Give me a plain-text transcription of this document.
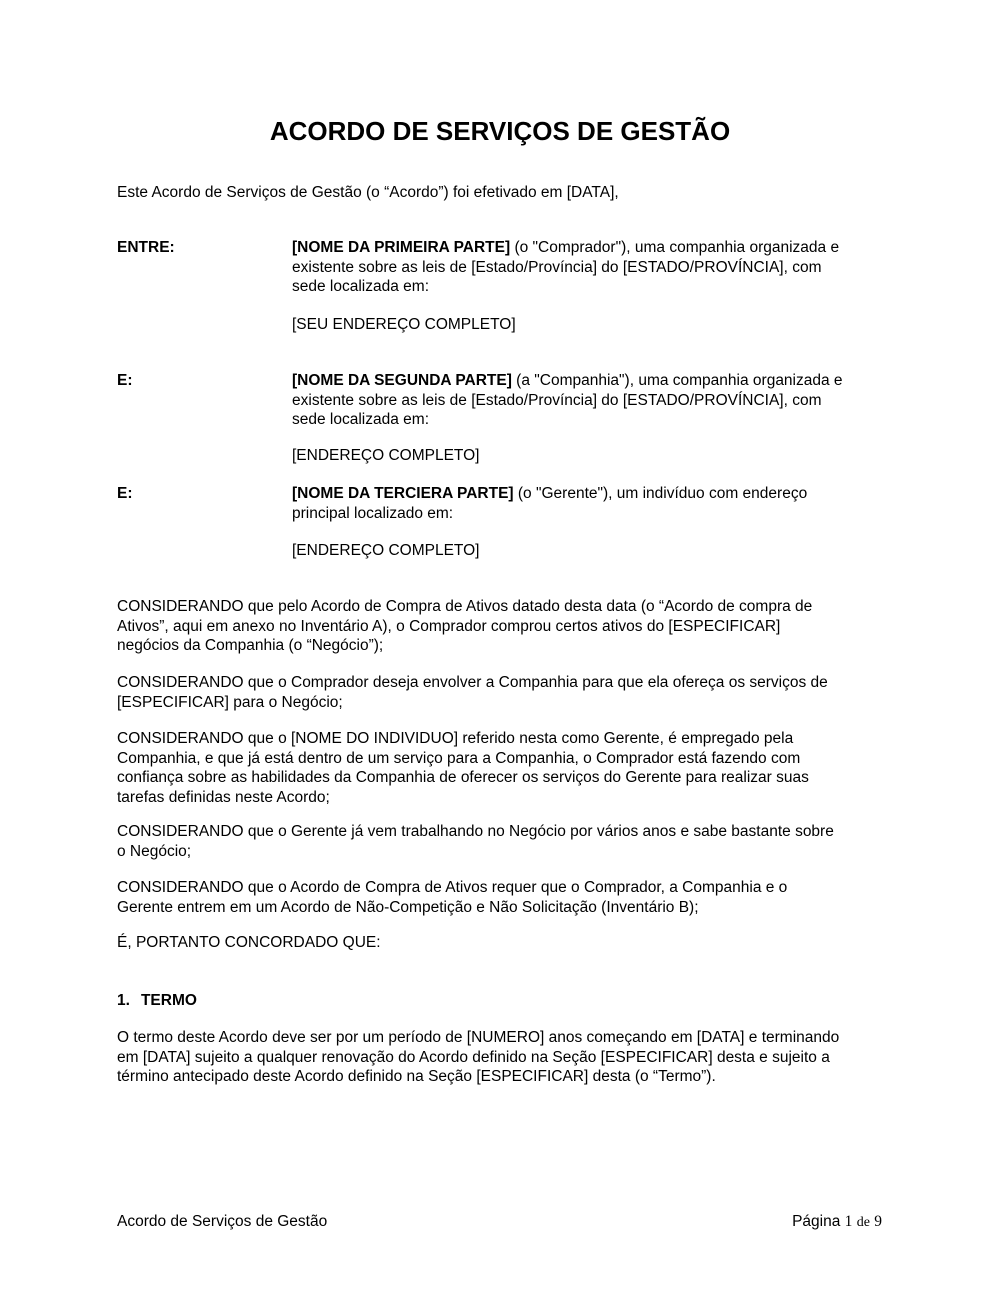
ACORDO DE SERVIÇOS DE GESTÃO
Este Acordo de Serviços de Gestão (o “Acordo”) foi efetivado em [DATA],
ENTRE:	[NOME DA PRIMEIRA PARTE] (o "Comprador"), uma companhia organizada e
existente sobre as leis de [Estado/Província] do [ESTADO/PROVÍNCIA], com
sede localizada em:
[SEU ENDEREÇO COMPLETO]
E:	[NOME DA SEGUNDA PARTE] (a "Companhia"), uma companhia organizada e
existente sobre as leis de [Estado/Província] do [ESTADO/PROVÍNCIA], com
sede localizada em:
[ENDEREÇO COMPLETO]
E:	[NOME DA TERCIERA PARTE] (o "Gerente"), um indivíduo com endereço
principal localizado em:
[ENDEREÇO COMPLETO]
CONSIDERANDO que pelo Acordo de Compra de Ativos datado desta data (o “Acordo de compra de
Ativos”, aqui em anexo no Inventário A), o Comprador comprou certos ativos do [ESPECIFICAR]
negócios da Companhia (o “Negócio”);
CONSIDERANDO que o Comprador deseja envolver a Companhia para que ela ofereça os serviços de
[ESPECIFICAR] para o Negócio;
CONSIDERANDO que o [NOME DO INDIVIDUO] referido nesta como Gerente, é empregado pela
Companhia, e que já está dentro de um serviço para a Companhia, o Comprador está fazendo com
confiança sobre as habilidades da Companhia de oferecer os serviços do Gerente para realizar suas
tarefas definidas neste Acordo;
CONSIDERANDO que o Gerente já vem trabalhando no Negócio por vários anos e sabe bastante sobre
o Negócio;
CONSIDERANDO que o Acordo de Compra de Ativos requer que o Comprador, a Companhia e o
Gerente entrem em um Acordo de Não-Competição e Não Solicitação (Inventário B);
É, PORTANTO CONCORDADO QUE:
1. TERMO
O termo deste Acordo deve ser por um período de [NUMERO] anos começando em [DATA] e terminando
em [DATA] sujeito a qualquer renovação do Acordo definido na Seção [ESPECIFICAR] desta e sujeito a
término antecipado deste Acordo definido na Seção [ESPECIFICAR] desta (o “Termo”).
Acordo de Serviços de Gestão	Página 1 de 9
